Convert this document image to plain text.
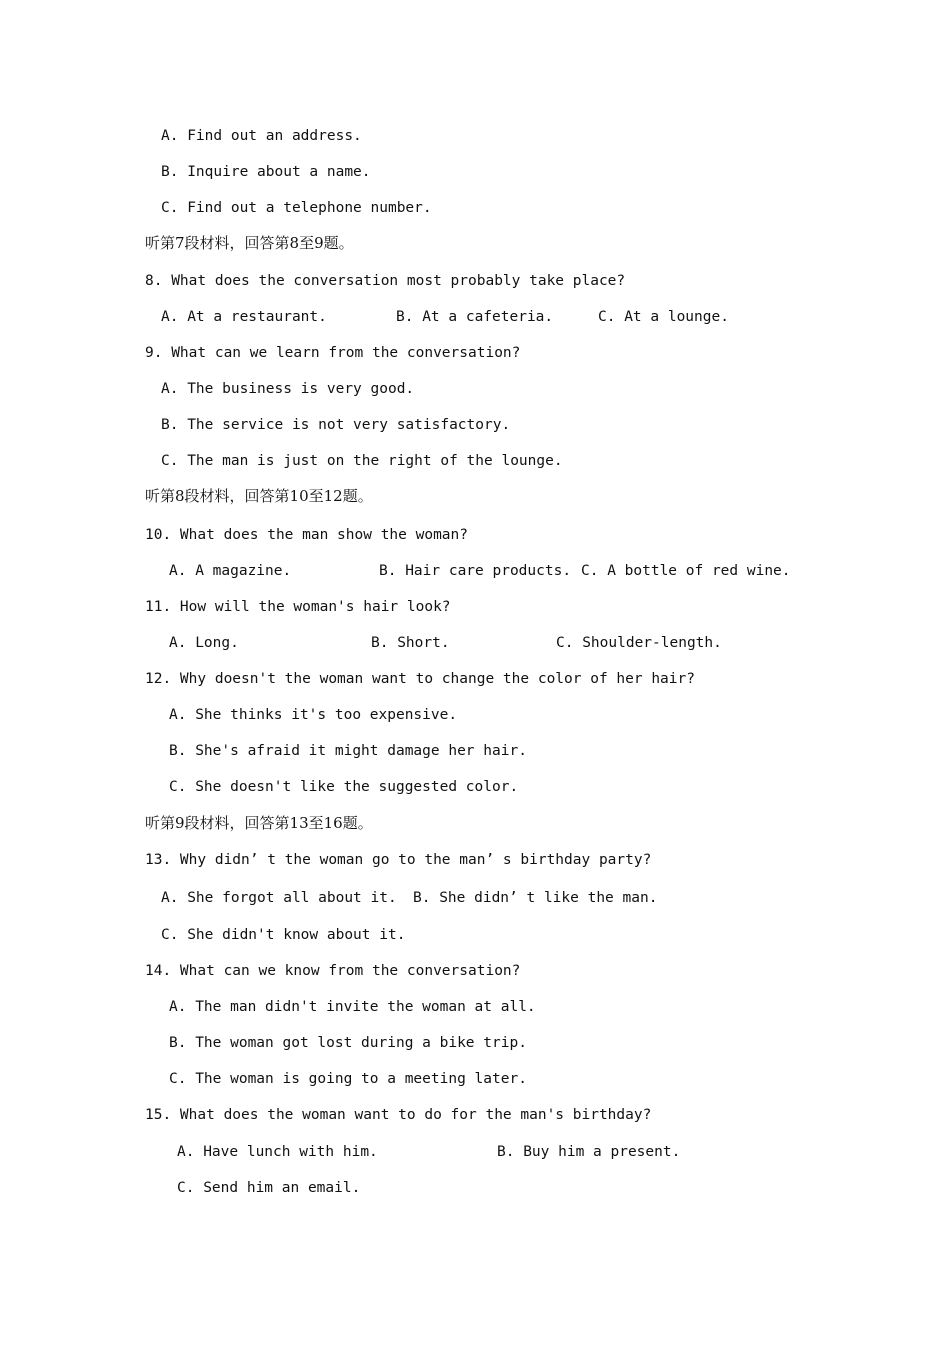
A. Find out an address.
B. Inquire about a name.
C. Find out a telephone number.
听第7段材料，回答第8至9题。
8. What does the conversation most probably take place?
A. At a restaurant.	B. At a cafeteria.	C. At a lounge.
9. What can we learn from the conversation?
A. The business is very good.
B. The service is not very satisfactory.
C. The man is just on the right of the lounge.
听第8段材料，回答第10至12题。
10. What does the man show the woman?
A. A magazine.	B. Hair care products. C. A bottle of red wine.
11. How will the woman's hair look?
A. Long.	B. Short.	C. Shoulder-length.
12. Why doesn't the woman want to change the color of her hair?
A. She thinks it's too expensive.
B. She's afraid it might damage her hair.
C. She doesn't like the suggested color.
听第9段材料，回答第13至16题。
13. Why didn’ t the woman go to the man’ s birthday party?
A. She forgot all about it. B. She didn’ t like the man.
C. She didn't know about it.
14. What can we know from the conversation?
A. The man didn't invite the woman at all.
B. The woman got lost during a bike trip.
C. The woman is going to a meeting later.
15. What does the woman want to do for the man's birthday?
A. Have lunch with him.	B. Buy him a present.
C. Send him an email.
